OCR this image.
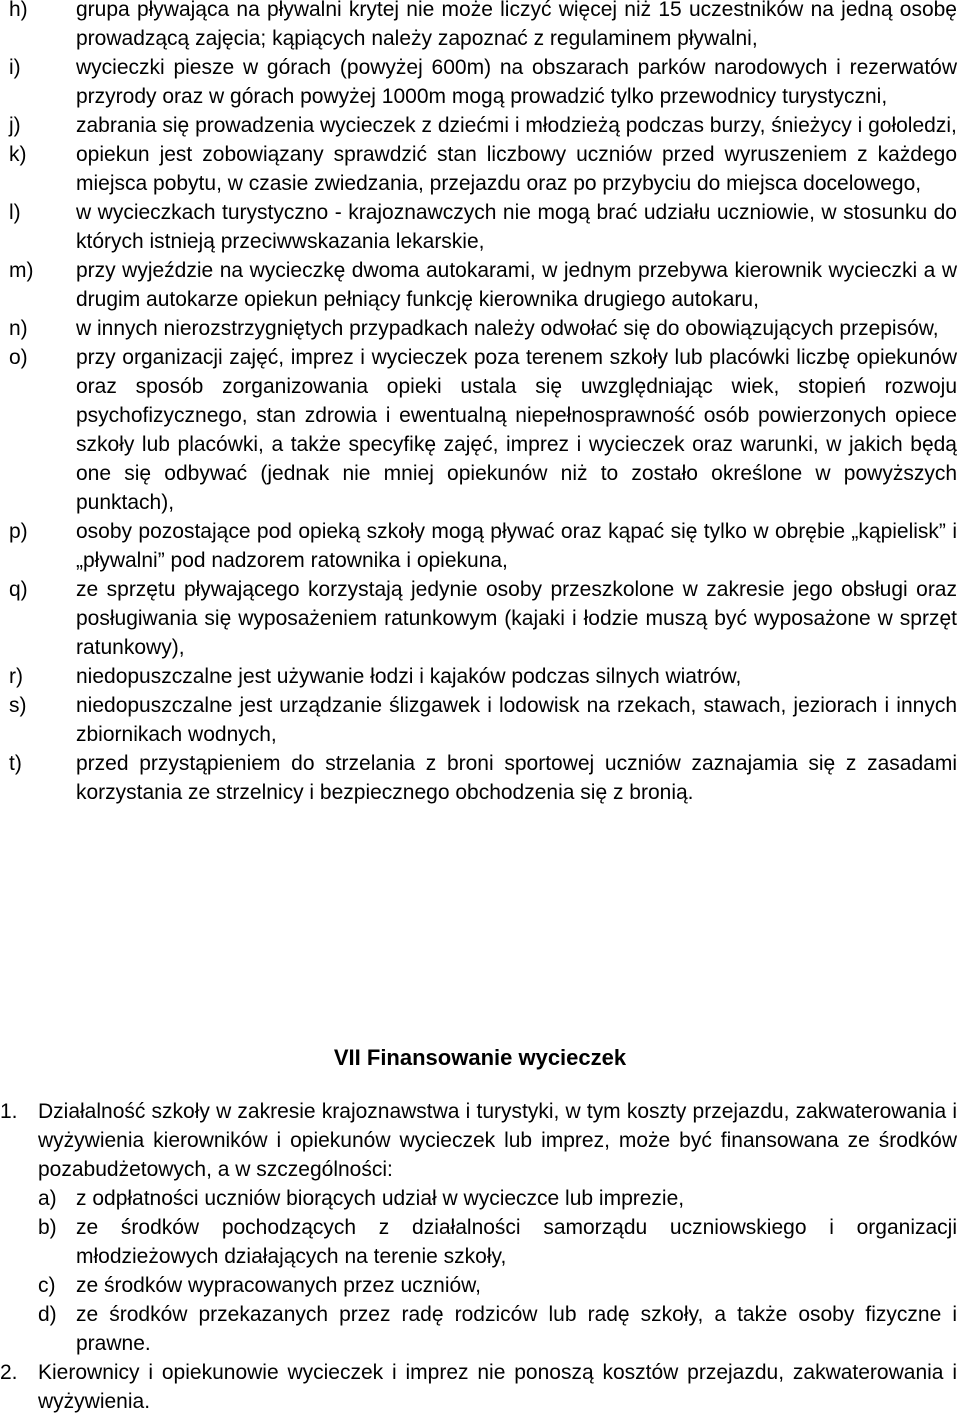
h)	grupa pływająca na pływalni krytej nie może liczyć więcej niż 15 uczestników na jedną osobę prowadzącą zajęcia; kąpiących należy zapoznać z regulaminem pływalni,
i)	wycieczki piesze w górach (powyżej 600m) na obszarach parków narodowych i rezerwatów przyrody oraz w górach powyżej 1000m mogą prowadzić tylko przewodnicy turystyczni,
j)	zabrania się prowadzenia wycieczek z dziećmi i młodzieżą podczas burzy, śnieżycy i gołoledzi,
k)	opiekun jest zobowiązany sprawdzić stan liczbowy uczniów przed wyruszeniem z każdego miejsca pobytu, w czasie zwiedzania, przejazdu oraz po przybyciu do miejsca docelowego,
l)	w wycieczkach turystyczno - krajoznawczych nie mogą brać udziału uczniowie, w stosunku do których istnieją przeciwwskazania lekarskie,
m)	przy wyjeździe na wycieczkę dwoma autokarami, w jednym przebywa kierownik wycieczki a w drugim autokarze opiekun pełniący funkcję kierownika drugiego autokaru,
n)	w innych nierozstrzygniętych przypadkach należy odwołać się do obowiązujących przepisów,
o)	przy organizacji zajęć, imprez i wycieczek poza terenem szkoły lub placówki liczbę opiekunów oraz sposób zorganizowania opieki ustala się uwzględniając wiek, stopień rozwoju psychofizycznego, stan zdrowia i ewentualną niepełnosprawność osób powierzonych opiece szkoły lub placówki, a także specyfikę zajęć, imprez i wycieczek oraz warunki, w jakich będą one się odbywać (jednak nie mniej opiekunów niż to zostało określone w powyższych punktach),
p)	osoby pozostające pod opieką szkoły mogą pływać oraz kąpać się tylko w obrębie „kąpielisk” i „pływalni” pod nadzorem ratownika i opiekuna,
q)	ze sprzętu pływającego korzystają jedynie osoby przeszkolone w zakresie jego obsługi oraz posługiwania się wyposażeniem ratunkowym (kajaki i łodzie muszą być wyposażone w sprzęt ratunkowy),
r)	niedopuszczalne jest używanie łodzi i kajaków podczas silnych wiatrów,
s)	niedopuszczalne jest urządzanie ślizgawek i lodowisk na rzekach, stawach, jeziorach i innych zbiornikach wodnych,
t)	przed przystąpieniem do strzelania z broni sportowej uczniów zaznajamia się z zasadami korzystania ze strzelnicy i bezpiecznego obchodzenia się z bronią.
VII Finansowanie wycieczek
1. Działalność szkoły w zakresie krajoznawstwa i turystyki, w tym koszty przejazdu, zakwaterowania i wyżywienia kierowników i opiekunów wycieczek lub imprez, może być finansowana ze środków pozabudżetowych, a w szczególności:
a) z odpłatności uczniów biorących udział w wycieczce lub imprezie,
b) ze środków pochodzących z działalności samorządu uczniowskiego i organizacji młodzieżowych działających na terenie szkoły,
c) ze środków wypracowanych przez uczniów,
d) ze środków przekazanych przez radę rodziców lub radę szkoły, a także osoby fizyczne i prawne.
2. Kierownicy i opiekunowie wycieczek i imprez nie ponoszą kosztów przejazdu, zakwaterowania i wyżywienia.
